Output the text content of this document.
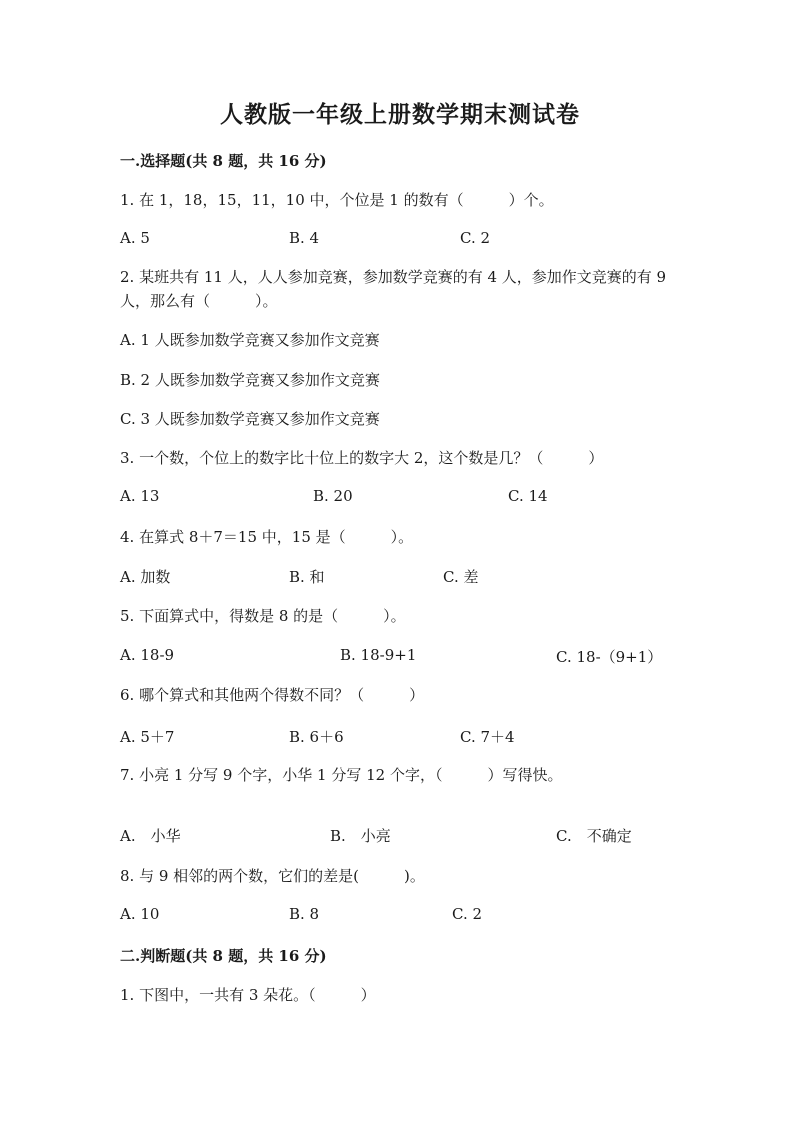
人教版一年级上册数学期末测试卷
一.选择题(共 8 题，共 16 分)
1. 在 1，18，15，11，10 中，个位是 1 的数有（　　　）个。
A. 5	B. 4	C. 2
2. 某班共有 11 人，人人参加竞赛，参加数学竞赛的有 4 人，参加作文竞赛的有 9 人，那么有（　　　）。
A. 1 人既参加数学竞赛又参加作文竞赛
B. 2 人既参加数学竞赛又参加作文竞赛
C. 3 人既参加数学竞赛又参加作文竞赛
3. 一个数，个位上的数字比十位上的数字大 2，这个数是几？（　　　）
A. 13	B. 20	C. 14
4. 在算式 8＋7＝15 中，15 是（　　　）。
A. 加数	B. 和	C. 差
5. 下面算式中，得数是 8 的是（　　　）。
A. 18-9	B. 18-9+1	C. 18-（9+1）
6. 哪个算式和其他两个得数不同？（　　　）
A. 5＋7	B. 6＋6	C. 7＋4
7. 小亮 1 分写 9 个字，小华 1 分写 12 个字，（　　　）写得快。
A.　小华	B.　小亮	C.　不确定
8. 与 9 相邻的两个数，它们的差是(　　　)。
A. 10	B. 8	C. 2
二.判断题(共 8 题，共 16 分)
1. 下图中，一共有 3 朵花。（　　　）
